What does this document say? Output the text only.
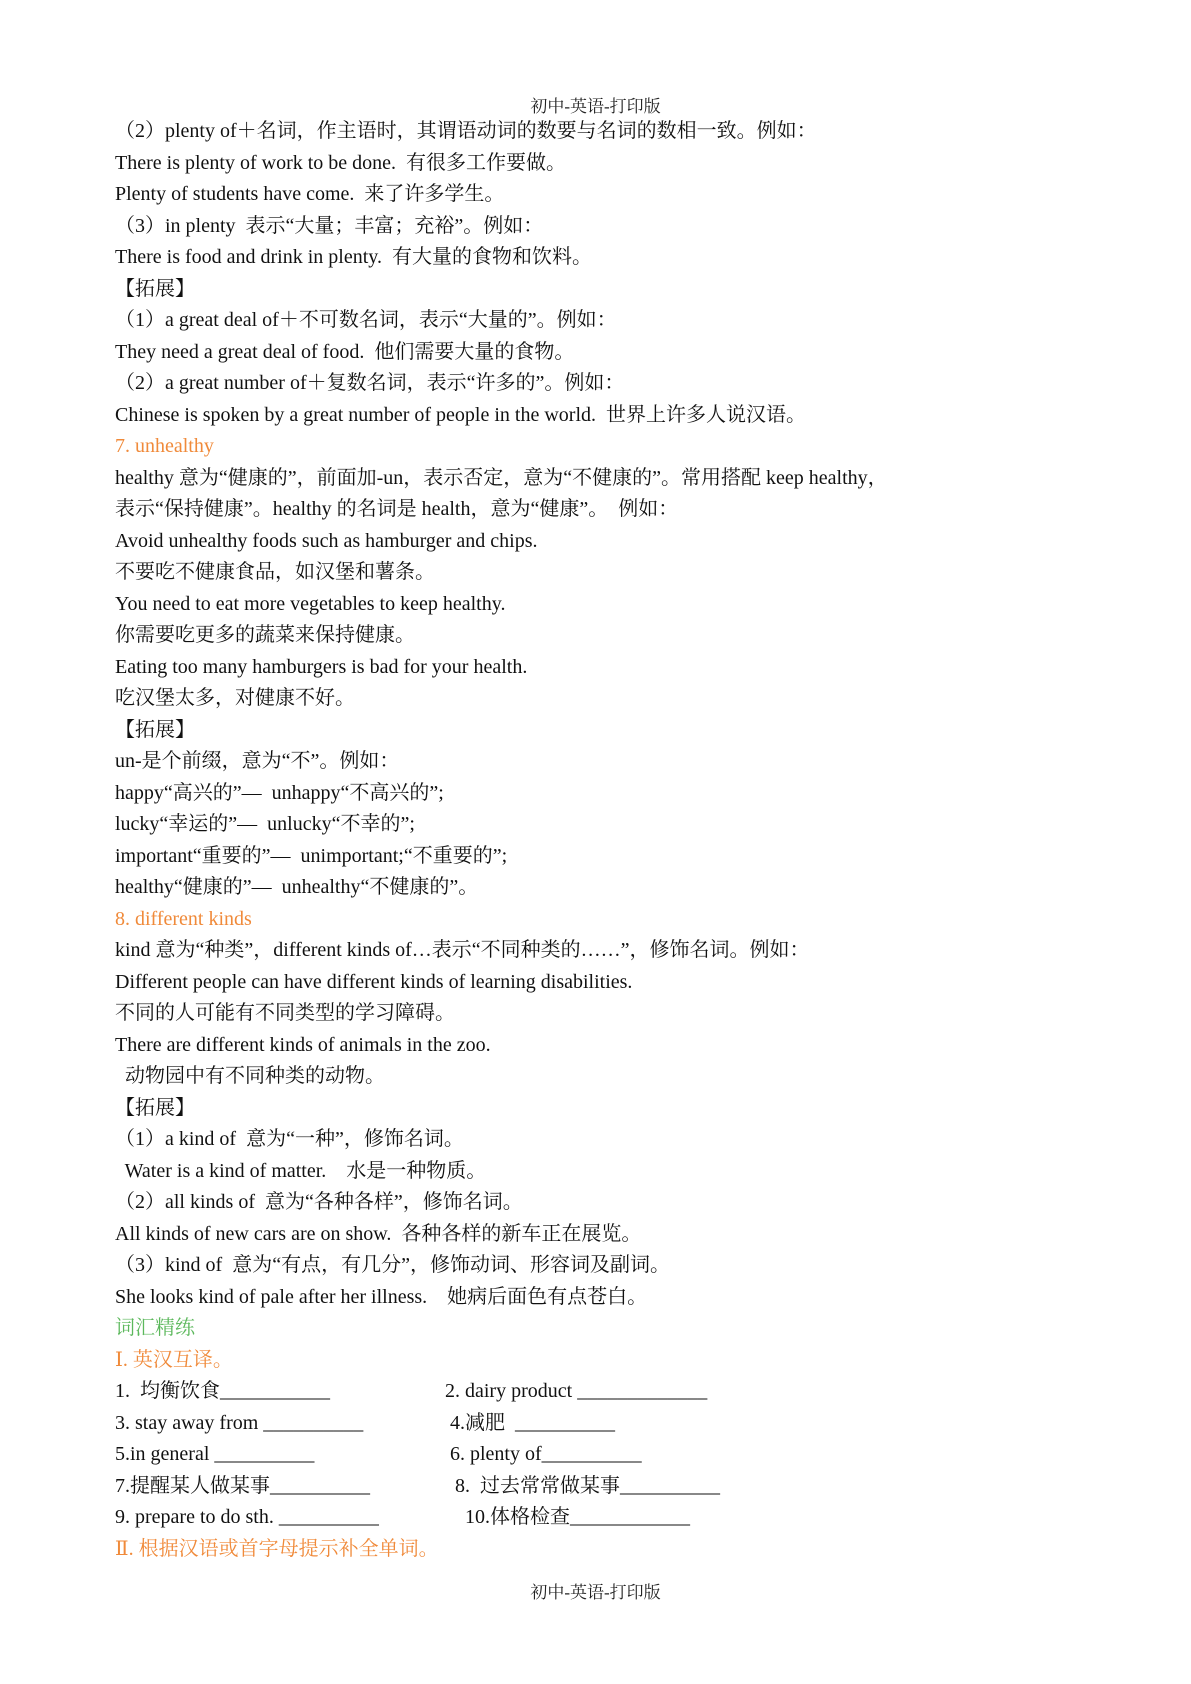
初中-英语-打印版
（2）plenty of＋名词，作主语时，其谓语动词的数要与名词的数相一致。例如：
There is plenty of work to be done.  有很多工作要做。
Plenty of students have come.  来了许多学生。
（3）in plenty  表示“大量；丰富；充裕”。例如：
There is food and drink in plenty.  有大量的食物和饮料。
【拓展】
（1）a great deal of＋不可数名词，表示“大量的”。例如：
They need a great deal of food.  他们需要大量的食物。
（2）a great number of＋复数名词，表示“许多的”。例如：
Chinese is spoken by a great number of people in the world.  世界上许多人说汉语。
7. unhealthy
healthy 意为“健康的”，前面加-un，表示否定，意为“不健康的”。常用搭配 keep healthy，
表示“保持健康”。healthy 的名词是 health，意为“健康”。  例如：
Avoid unhealthy foods such as hamburger and chips.
不要吃不健康食品，如汉堡和薯条。
You need to eat more vegetables to keep healthy.
你需要吃更多的蔬菜来保持健康。
Eating too many hamburgers is bad for your health.
吃汉堡太多，对健康不好。
【拓展】
un-是个前缀，意为“不”。例如：
happy“高兴的”—  unhappy“不高兴的”;
lucky“幸运的”—  unlucky“不幸的”;
important“重要的”—  unimportant;“不重要的”;
healthy“健康的”—  unhealthy“不健康的”。
8. different kinds
kind 意为“种类”，different kinds of…表示“不同种类的……”，修饰名词。例如：
Different people can have different kinds of learning disabilities.
不同的人可能有不同类型的学习障碍。
There are different kinds of animals in the zoo.
动物园中有不同种类的动物。
【拓展】
（1）a kind of  意为“一种”，修饰名词。
Water is a kind of matter.    水是一种物质。
（2）all kinds of  意为“各种各样”，修饰名词。
All kinds of new cars are on show.  各种各样的新车正在展览。
（3）kind of  意为“有点，有几分”，修饰动词、形容词及副词。
She looks kind of pale after her illness.    她病后面色有点苍白。
词汇精练
Ⅰ. 英汉互译。
1.  均衡饮食___________	2. dairy product _____________
3. stay away from __________	4.减肥  __________
5.in general __________	6. plenty of__________
7.提醒某人做某事__________	8.  过去常常做某事__________
9. prepare to do sth. __________	10.体格检查____________
Ⅱ. 根据汉语或首字母提示补全单词。
初中-英语-打印版
